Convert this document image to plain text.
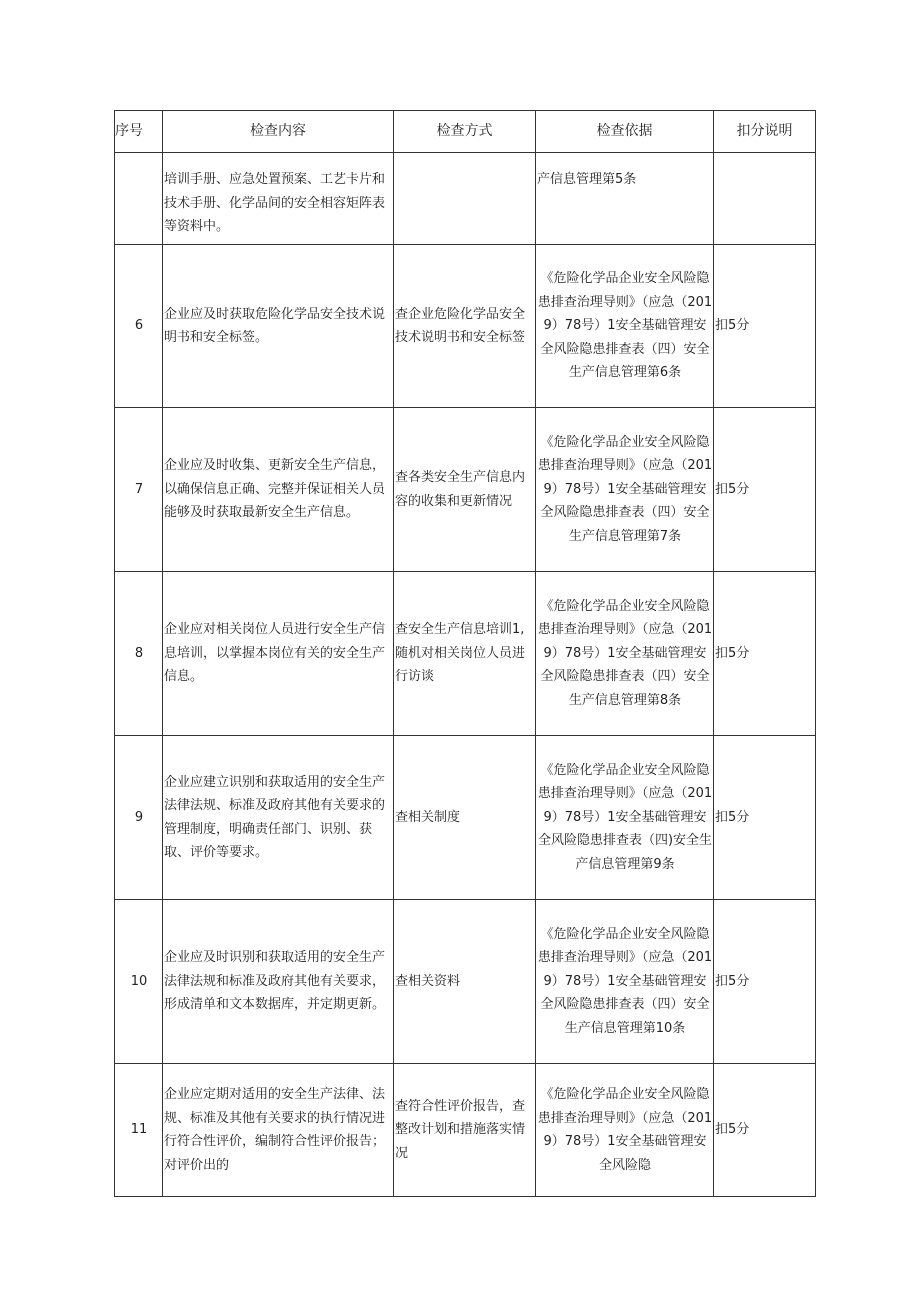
序号	检查内容	检查方式	检查依据	扣分说明
	培训手册、应急处置预案、工艺卡片和技术手册、化学品间的安全相容矩阵表等资料中。		产信息管理第5条	
6	企业应及时获取危险化学品安全技术说明书和安全标签。	查企业危险化学品安全技术说明书和安全标签	《危险化学品企业安全风险隐患排查治理导则》（应急（2019）78号）1安全基础管理安全风险隐患排查表（四）安全生产信息管理第6条	扣5分
7	企业应及时收集、更新安全生产信息，以确保信息正确、完整并保证相关人员能够及时获取最新安全生产信息。	查各类安全生产信息内容的收集和更新情况	《危险化学品企业安全风险隐患排查治理导则》（应急（2019）78号）1安全基础管理安全风险隐患排查表（四）安全生产信息管理第7条	扣5分
8	企业应对相关岗位人员进行安全生产信息培训，以掌握本岗位有关的安全生产信息。	查安全生产信息培训1,随机对相关岗位人员进行访谈	《危险化学品企业安全风险隐患排查治理导则》（应急（2019）78号）1安全基础管理安全风险隐患排查表（四）安全生产信息管理第8条	扣5分
9	企业应建立识别和获取适用的安全生产法律法规、标准及政府其他有关要求的管理制度，明确责任部门、识别、获取、评价等要求。	查相关制度	《危险化学品企业安全风险隐患排查治理导则》（应急（2019）78号）1安全基础管理安全风险隐患排查表（四)安全生产信息管理第9条	扣5分
10	企业应及时识别和获取适用的安全生产法律法规和标准及政府其他有关要求，形成清单和文本数据库，并定期更新。	查相关资料	《危险化学品企业安全风险隐患排查治理导则》（应急（2019）78号）1安全基础管理安全风险隐患排查表（四）安全生产信息管理第10条	扣5分
11	企业应定期对适用的安全生产法律、法规、标准及其他有关要求的执行情况进行符合性评价，编制符合性评价报告；对评价出的	查符合性评价报告，查整改计划和措施落实情况	《危险化学品企业安全风险隐患排查治理导则》（应急（2019）78号）1安全基础管理安全风险隐	扣5分
